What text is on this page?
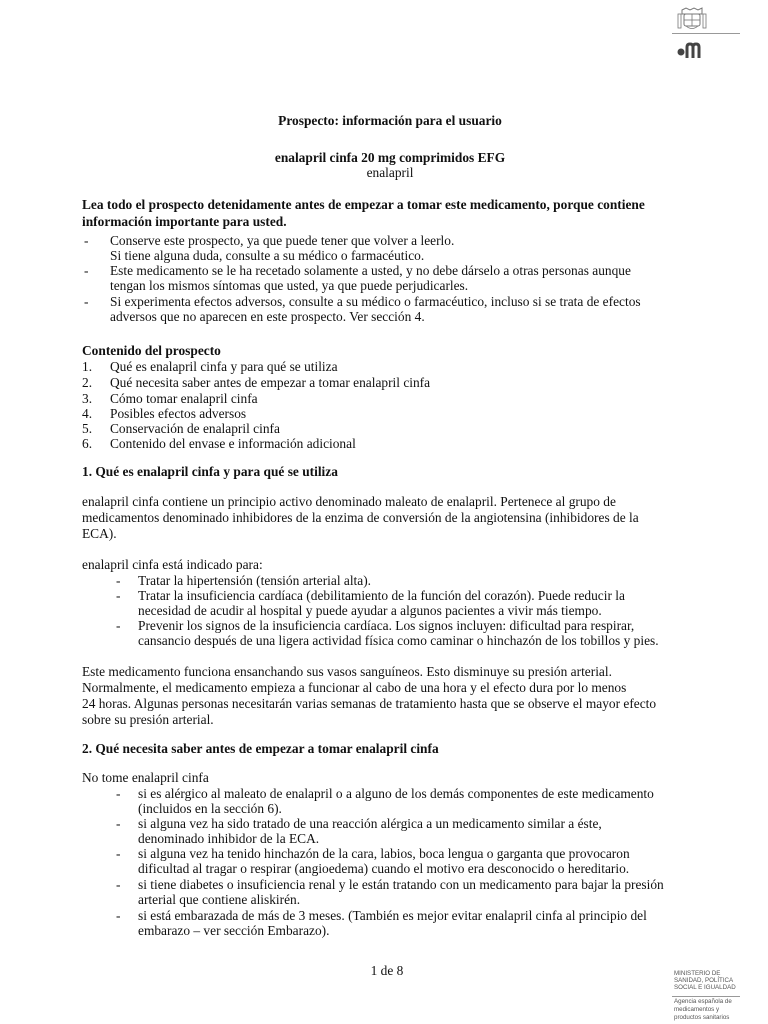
Prospecto: información para el usuario
enalapril cinfa 20 mg comprimidos EFG
enalapril
Lea todo el prospecto detenidamente antes de empezar a tomar este medicamento, porque contiene
información importante para usted.
- Conserve este prospecto, ya que puede tener que volver a leerlo.
Si tiene alguna duda, consulte a su médico o farmacéutico.
- Este medicamento se le ha recetado solamente a usted, y no debe dárselo a otras personas aunque
tengan los mismos síntomas que usted, ya que puede perjudicarles.
- Si experimenta efectos adversos, consulte a su médico o farmacéutico, incluso si se trata de efectos
adversos que no aparecen en este prospecto. Ver sección 4.
Contenido del prospecto
1. Qué es enalapril cinfa y para qué se utiliza
2. Qué necesita saber antes de empezar a tomar enalapril cinfa
3. Cómo tomar enalapril cinfa
4. Posibles efectos adversos
5. Conservación de enalapril cinfa
6. Contenido del envase e información adicional
1. Qué es enalapril cinfa y para qué se utiliza
enalapril cinfa contiene un principio activo denominado maleato de enalapril. Pertenece al grupo de
medicamentos denominado inhibidores de la enzima de conversión de la angiotensina (inhibidores de la
ECA).
enalapril cinfa está indicado para:
- Tratar la hipertensión (tensión arterial alta).
- Tratar la insuficiencia cardíaca (debilitamiento de la función del corazón). Puede reducir la
necesidad de acudir al hospital y puede ayudar a algunos pacientes a vivir más tiempo.
- Prevenir los signos de la insuficiencia cardíaca. Los signos incluyen: dificultad para respirar,
cansancio después de una ligera actividad física como caminar o hinchazón de los tobillos y pies.
Este medicamento funciona ensanchando sus vasos sanguíneos. Esto disminuye su presión arterial.
Normalmente, el medicamento empieza a funcionar al cabo de una hora y el efecto dura por lo menos
24 horas. Algunas personas necesitarán varias semanas de tratamiento hasta que se observe el mayor efecto
sobre su presión arterial.
2. Qué necesita saber antes de empezar a tomar enalapril cinfa
No tome enalapril cinfa
- si es alérgico al maleato de enalapril o a alguno de los demás componentes de este medicamento
(incluidos en la sección 6).
- si alguna vez ha sido tratado de una reacción alérgica a un medicamento similar a éste,
denominado inhibidor de la ECA.
- si alguna vez ha tenido hinchazón de la cara, labios, boca lengua o garganta que provocaron
dificultad al tragar o respirar (angioedema) cuando el motivo era desconocido o hereditario.
- si tiene diabetes o insuficiencia renal y le están tratando con un medicamento para bajar la presión
arterial que contiene aliskirén.
- si está embarazada de más de 3 meses. (También es mejor evitar enalapril cinfa al principio del
embarazo – ver sección Embarazo).
1 de 8	MINISTERIO DE
SANIDAD, POLÍTICA
SOCIAL E IGUALDAD
Agencia española de
medicamentos y
productos sanitarios
